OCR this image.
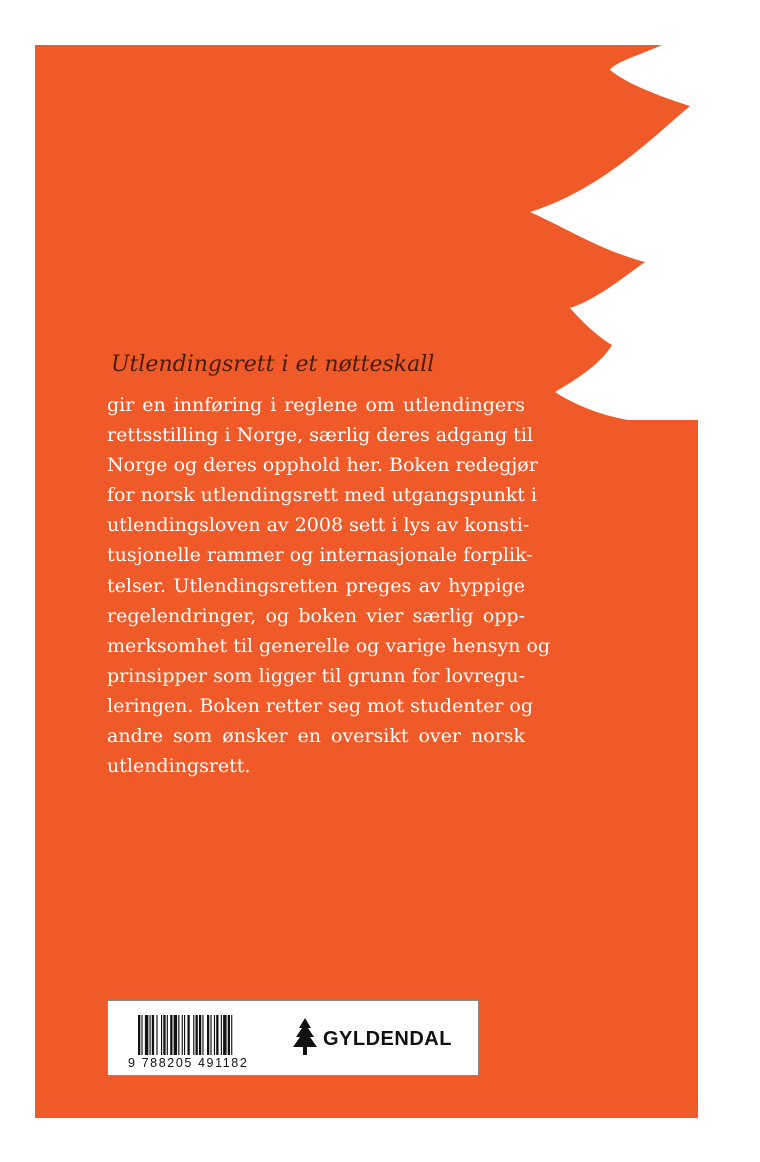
Utlendingsrett i et nøtteskall

gir en innføring i reglene om utlendingers
rettsstilling i Norge, særlig deres adgang til
Norge og deres opphold her. Boken redegjør
for norsk utlendingsrett med utgangspunkt i
utlendingsloven av 2008 sett i lys av konsti-
tusjonelle rammer og internasjonale forplik-
telser. Utlendingsretten preges av hyppige
regelendringer, og boken vier særlig opp-
merksomhet til generelle og varige hensyn og
prinsipper som ligger til grunn for lovregu-
leringen. Boken retter seg mot studenter og
andre som ønsker en oversikt over norsk
utlendingsrett.

9 788205 491182
GYLDENDAL
